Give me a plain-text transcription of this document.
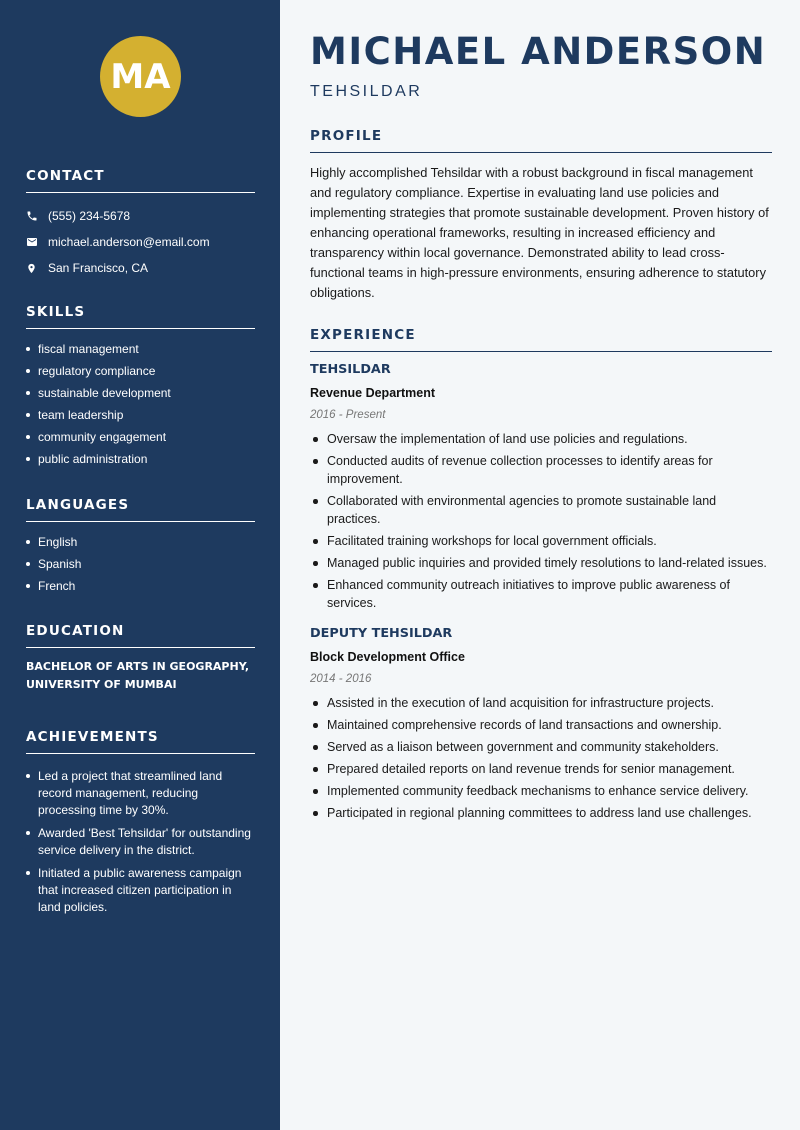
MA
CONTACT
(555) 234-5678
michael.anderson@email.com
San Francisco, CA
SKILLS
fiscal management
regulatory compliance
sustainable development
team leadership
community engagement
public administration
LANGUAGES
English
Spanish
French
EDUCATION
BACHELOR OF ARTS IN GEOGRAPHY, UNIVERSITY OF MUMBAI
ACHIEVEMENTS
Led a project that streamlined land record management, reducing processing time by 30%.
Awarded 'Best Tehsildar' for outstanding service delivery in the district.
Initiated a public awareness campaign that increased citizen participation in land policies.
MICHAEL ANDERSON
TEHSILDAR
PROFILE

Highly accomplished Tehsildar with a robust background in fiscal management and regulatory compliance. Expertise in evaluating land use policies and implementing strategies that promote sustainable development. Proven history of enhancing operational frameworks, resulting in increased efficiency and transparency within local governance. Demonstrated ability to lead cross-functional teams in high-pressure environments, ensuring adherence to statutory obligations.

EXPERIENCE
TEHSILDAR
Revenue Department
2016 - Present
Oversaw the implementation of land use policies and regulations.
Conducted audits of revenue collection processes to identify areas for improvement.
Collaborated with environmental agencies to promote sustainable land practices.
Facilitated training workshops for local government officials.
Managed public inquiries and provided timely resolutions to land-related issues.
Enhanced community outreach initiatives to improve public awareness of services.
DEPUTY TEHSILDAR
Block Development Office
2014 - 2016
Assisted in the execution of land acquisition for infrastructure projects.
Maintained comprehensive records of land transactions and ownership.
Served as a liaison between government and community stakeholders.
Prepared detailed reports on land revenue trends for senior management.
Implemented community feedback mechanisms to enhance service delivery.
Participated in regional planning committees to address land use challenges.
